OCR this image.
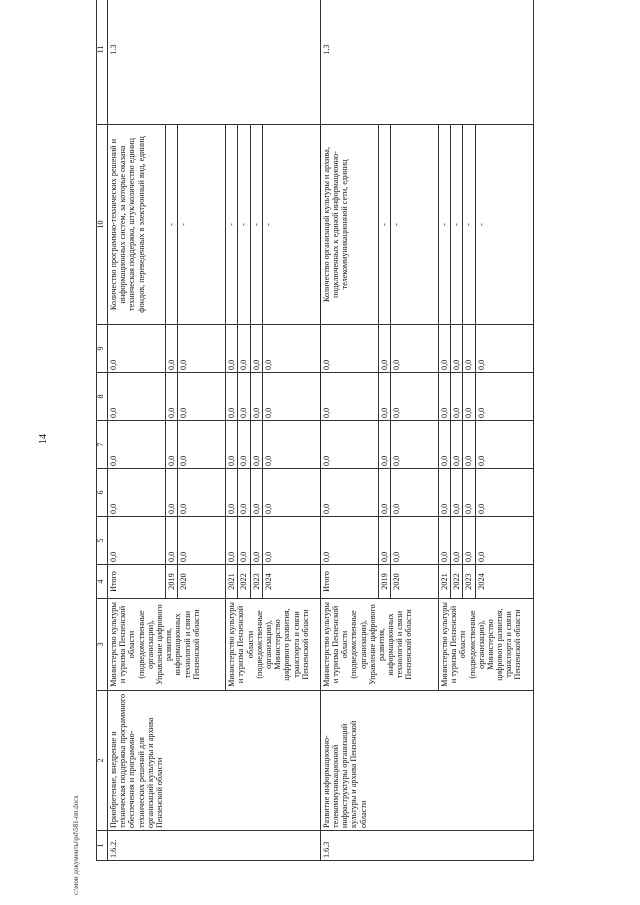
14
c:\мои документы\рd\581-пп.docx 1	2	3	4	5	6	7	8	9	10	11
1.6.2.	Приобретение, внедрение и техническая поддержка программного обеспечения и программно-технических решений для организаций культуры и архива Пензенской области	Министерство культуры и туризма Пензенской области (подведомственные организации), Управление цифрового развития, информационных технологий и связи Пензенской области	Итого	0,0	0,0	0,0	0,0	0,0	Количество программно-технических решений и информационных систем, за которые оказана техническая поддержка, штук/количество единиц фондов, переведенных в электронный вид, единиц	1.3
			2019	0,0	0,0	0,0	0,0	0,0	-	
			2020	0,0	0,0	0,0	0,0	0,0	-	
		Министерство культуры и туризма Пензенской области (подведомственные организации), Министерство цифрового развития, транспорта и связи Пензенской области	2021	0,0	0,0	0,0	0,0	0,0	-	
			2022	0,0	0,0	0,0	0,0	0,0	-	
			2023	0,0	0,0	0,0	0,0	0,0	-	
			2024	0,0	0,0	0,0	0,0	0,0	-	
1.6.3	Развитие информационно-телекоммуникационной инфраструктуры организаций культуры и архива Пензенской области	Министерство культуры и туризма Пензенской области (подведомственные организации), Управление цифрового развития, информационных технологий и связи Пензенской области	Итого	0,0	0,0	0,0	0,0	0,0	Количество организаций культуры и архива, подключенных к единой информационно-телекоммуникационной сети, единиц	1.3
			2019	0,0	0,0	0,0	0,0	0,0	-	
			2020	0,0	0,0	0,0	0,0	0,0	-	
		Министерство культуры и туризма Пензенской области (подведомственные организации), Министерство цифрового развития, транспорта и связи Пензенской области	2021	0,0	0,0	0,0	0,0	0,0	-	
			2022	0,0	0,0	0,0	0,0	0,0	-	
			2023	0,0	0,0	0,0	0,0	0,0	-	
			2024	0,0	0,0	0,0	0,0	0,0	-	
